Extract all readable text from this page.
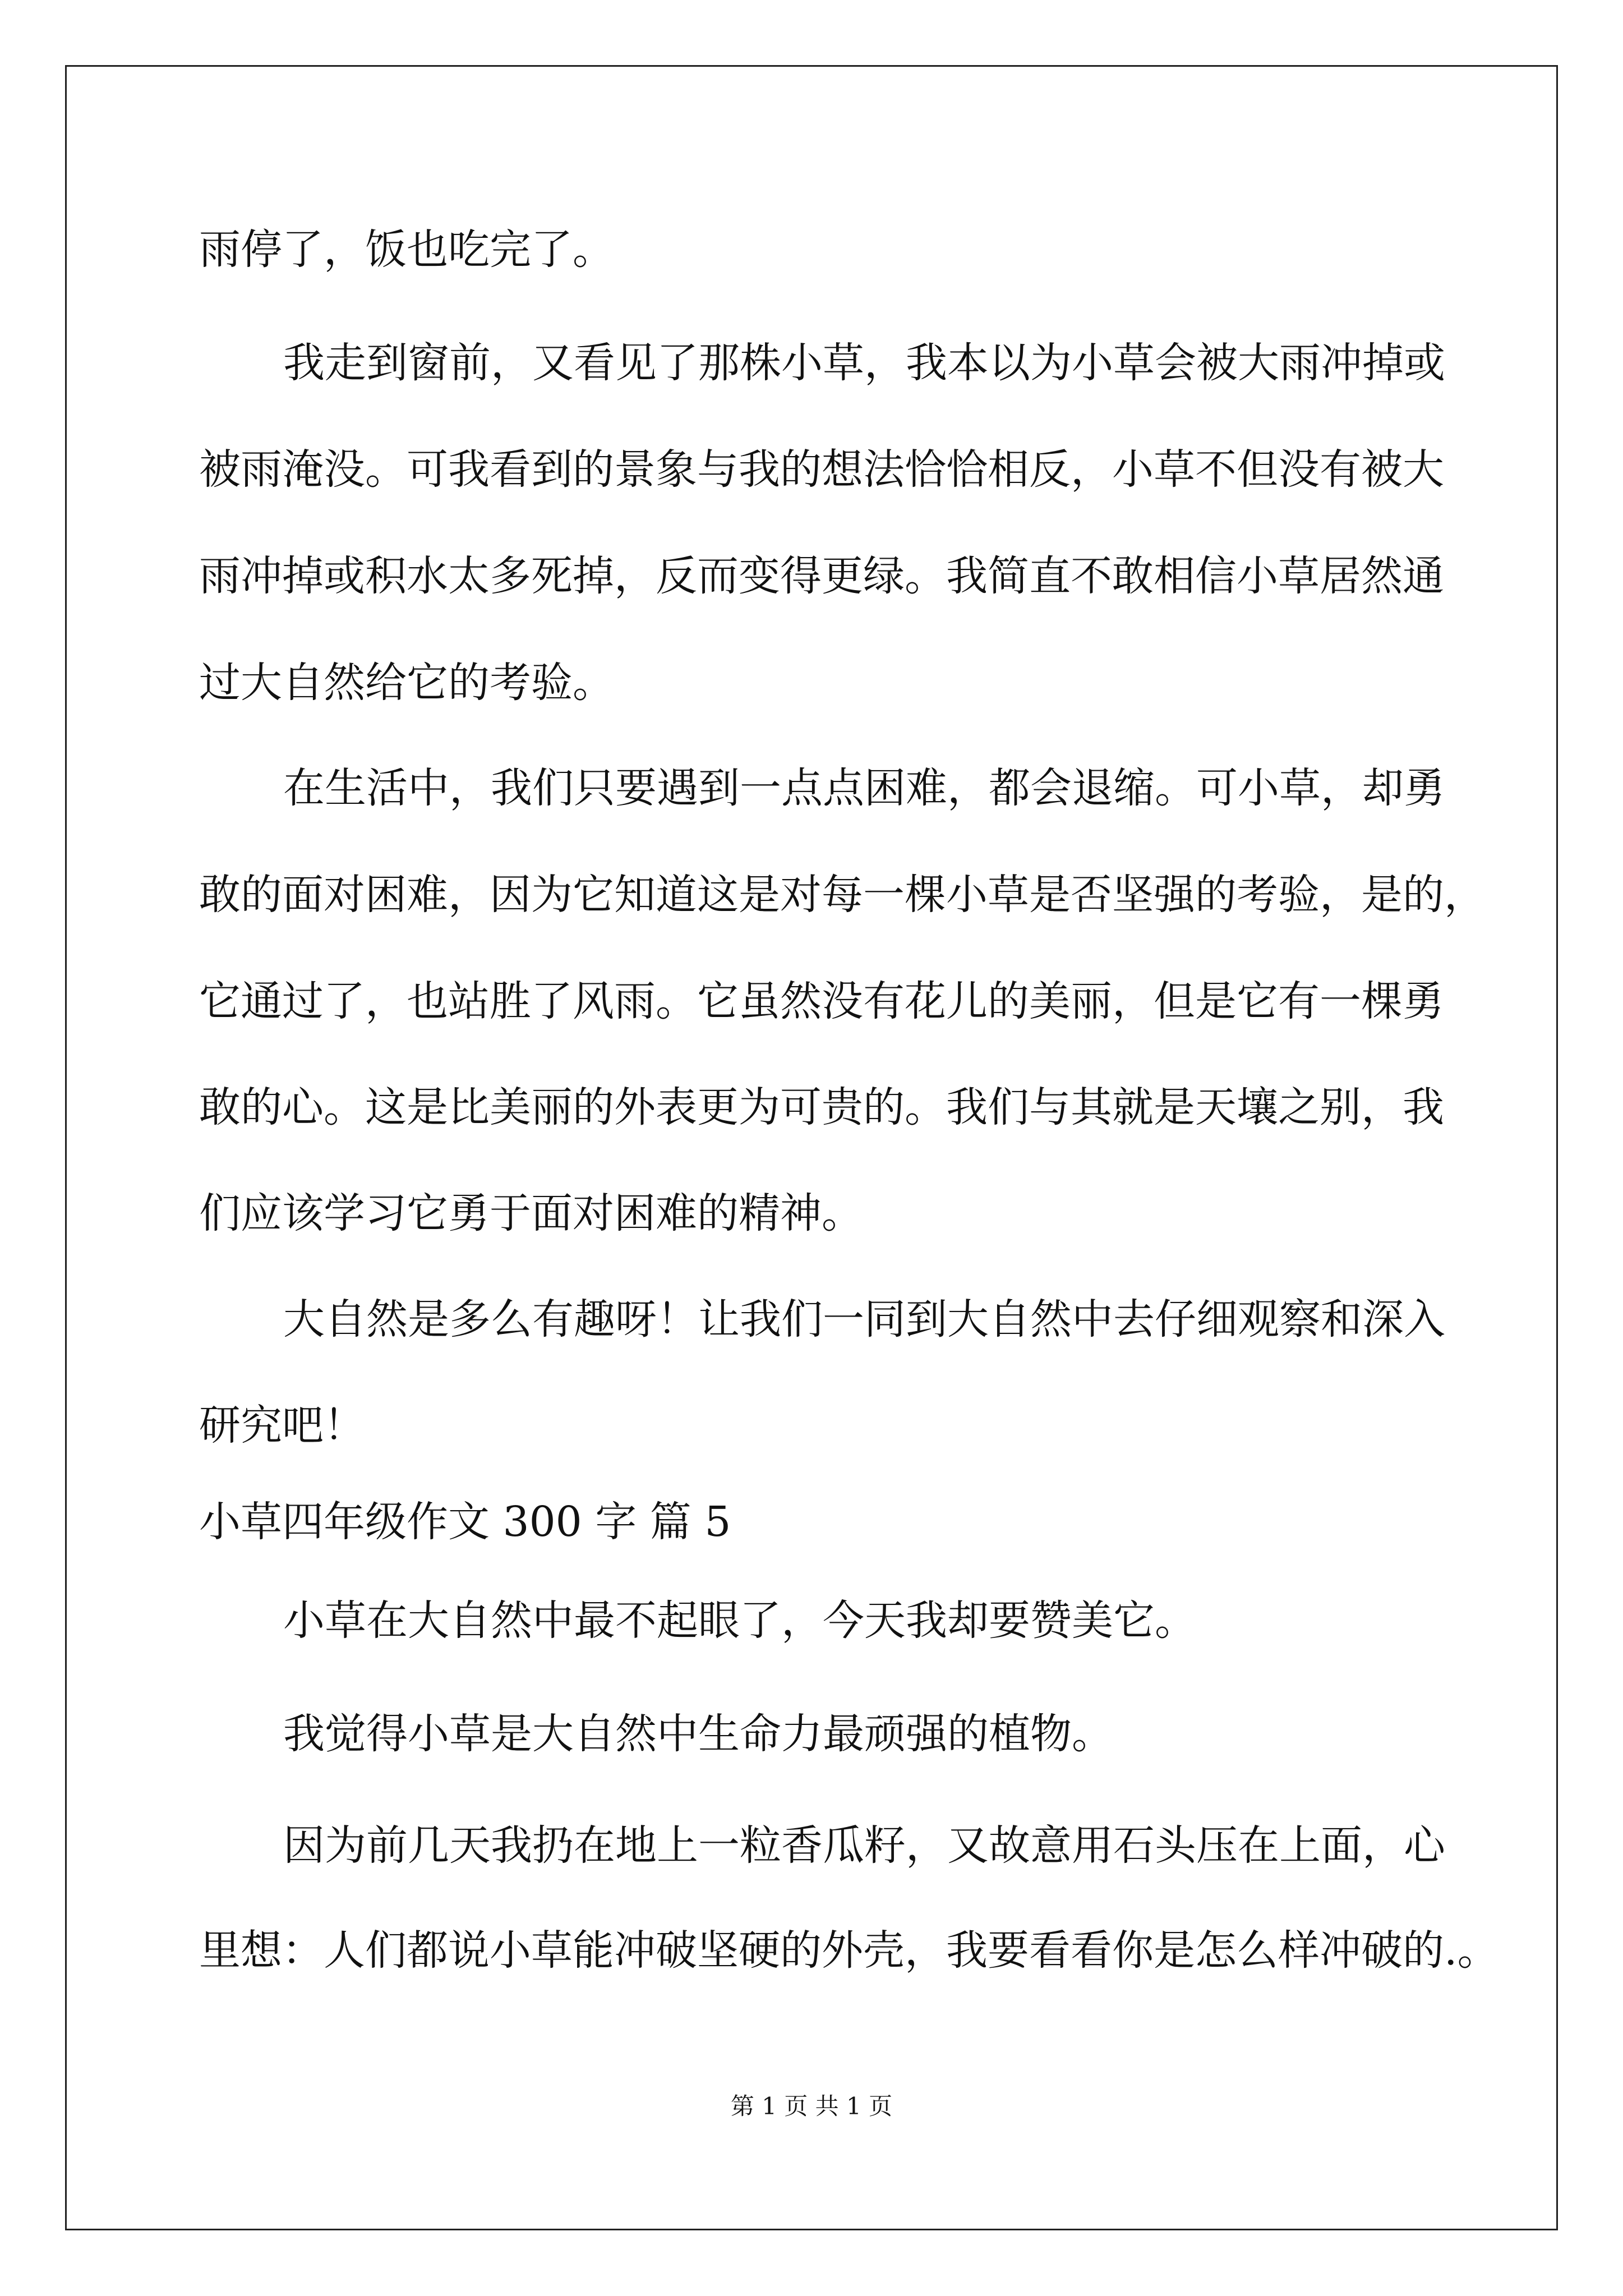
雨停了，饭也吃完了。
我走到窗前，又看见了那株小草，我本以为小草会被大雨冲掉或
被雨淹没。可我看到的景象与我的想法恰恰相反，小草不但没有被大
雨冲掉或积水太多死掉，反而变得更绿。我简直不敢相信小草居然通
过大自然给它的考验。
在生活中，我们只要遇到一点点困难，都会退缩。可小草，却勇
敢的面对困难，因为它知道这是对每一棵小草是否坚强的考验，是的，
它通过了，也站胜了风雨。它虽然没有花儿的美丽，但是它有一棵勇
敢的心。这是比美丽的外表更为可贵的。我们与其就是天壤之别，我
们应该学习它勇于面对困难的精神。
大自然是多么有趣呀！让我们一同到大自然中去仔细观察和深入
研究吧！
小草四年级作文 300 字 篇 5
小草在大自然中最不起眼了，今天我却要赞美它。
我觉得小草是大自然中生命力最顽强的植物。
因为前几天我扔在地上一粒香瓜籽，又故意用石头压在上面，心
里想：人们都说小草能冲破坚硬的外壳，我要看看你是怎么样冲破的.。
第 1 页 共 1 页
